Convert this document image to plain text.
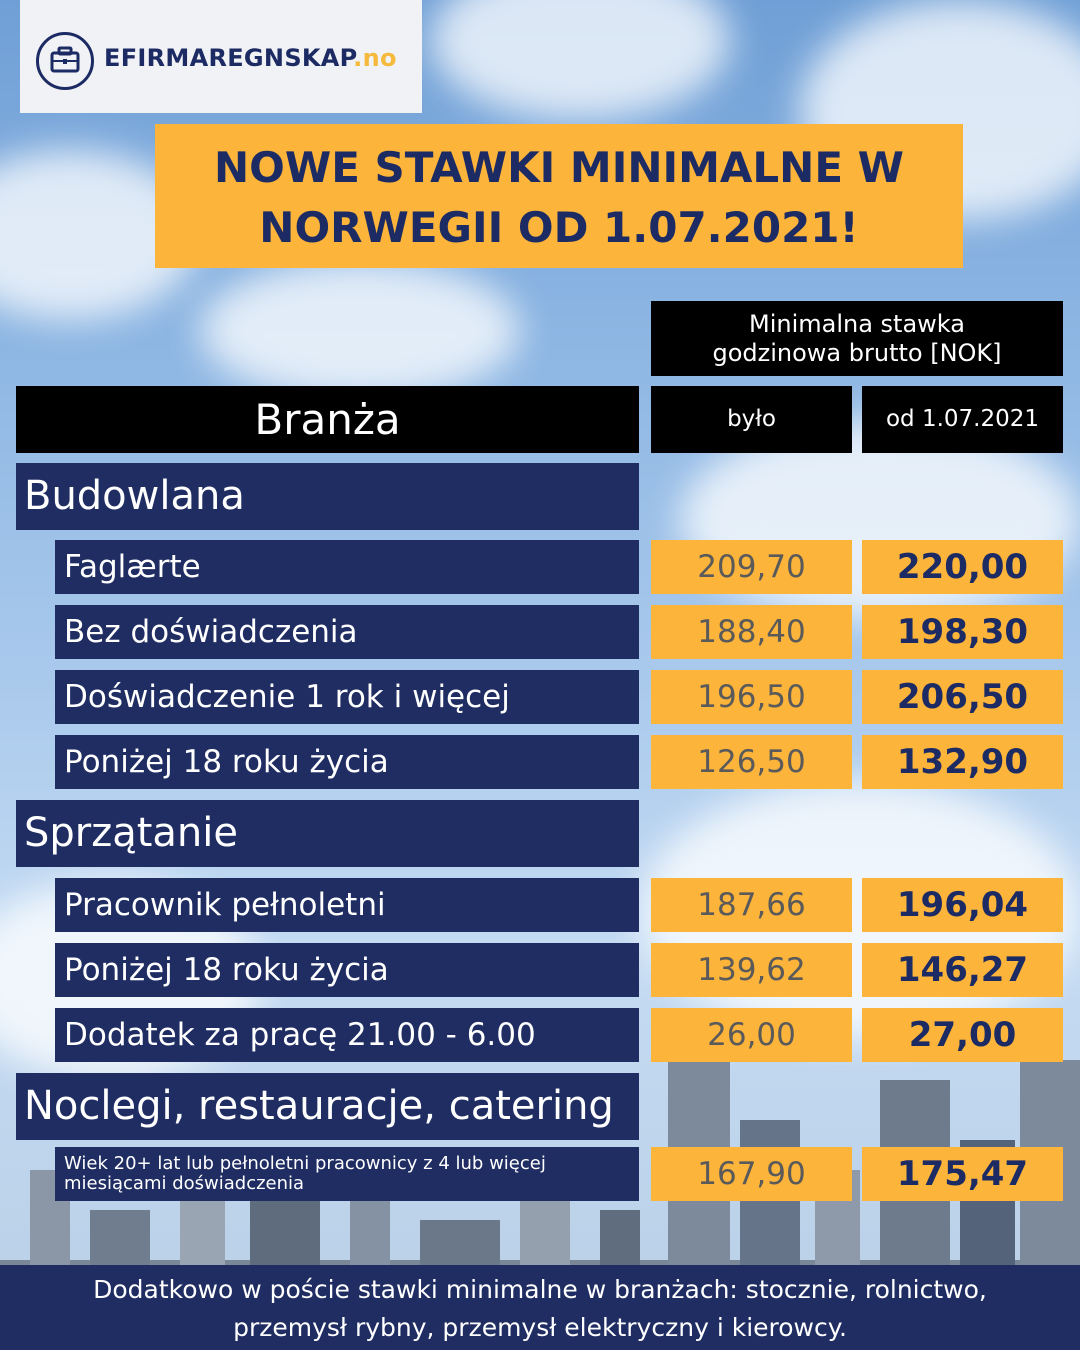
EFIRMAREGNSKAP.no
NOWE STAWKI MINIMALNE W
NORWEGII OD 1.07.2021!
Minimalna stawka
godzinowa brutto [NOK]
Branża	było	od 1.07.2021
Budowlana
Faglærte	209,70	220,00
Bez doświadczenia	188,40	198,30
Doświadczenie 1 rok i więcej	196,50	206,50
Poniżej 18 roku życia	126,50	132,90
Sprzątanie
Pracownik pełnoletni	187,66	196,04
Poniżej 18 roku życia	139,62	146,27
Dodatek za pracę 21.00 - 6.00	26,00	27,00
Noclegi, restauracje, catering
Wiek 20+ lat lub pełnoletni pracownicy z 4 lub więcej miesiącami doświadczenia	167,90	175,47
Dodatkowo w poście stawki minimalne w branżach: stocznie, rolnictwo,
przemysł rybny, przemysł elektryczny i kierowcy.
